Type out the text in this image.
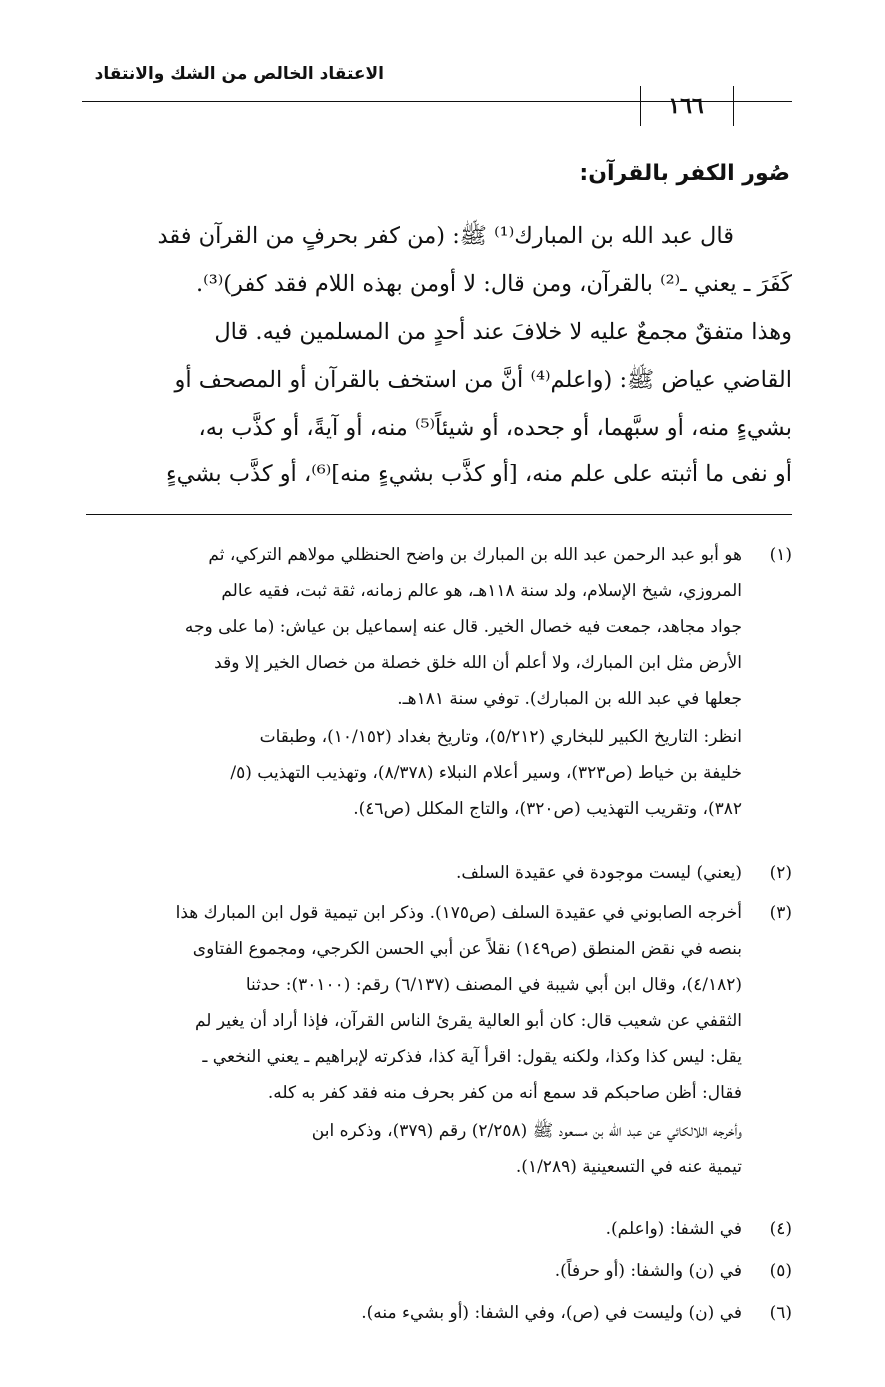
الاعتقاد الخالص من الشك والانتقاد
١٦٦
صُور الكفر بالقرآن:
قال عبد الله بن المبارك⁽¹⁾ ﷺ: (من كفر بحرفٍ من القرآن فقد
كَفَرَ ـ يعني ـ⁽²⁾ بالقرآن، ومن قال: لا أومن بهذه اللام فقد كفر)⁽³⁾.
وهذا متفقٌ مجمعٌ عليه لا خلافَ عند أحدٍ من المسلمين فيه. قال
القاضي عياض ﷺ: (واعلم⁽⁴⁾ أنَّ من استخف بالقرآن أو المصحف أو
بشيءٍ منه، أو سبَّهما، أو جحده، أو شيئاً⁽⁵⁾ منه، أو آيةً، أو كذَّب به،
أو نفى ما أثبته على علم منه، [أو كذَّب بشيءٍ منه]⁽⁶⁾، أو كذَّب بشيءٍ
(١)
هو أبو عبد الرحمن عبد الله بن المبارك بن واضح الحنظلي مولاهم التركي، ثم
المروزي، شيخ الإسلام، ولد سنة ١١٨هـ، هو عالم زمانه، ثقة ثبت، فقيه عالم
جواد مجاهد، جمعت فيه خصال الخير. قال عنه إسماعيل بن عياش: (ما على وجه
الأرض مثل ابن المبارك، ولا أعلم أن الله خلق خصلة من خصال الخير إلا وقد
جعلها في عبد الله بن المبارك). توفي سنة ١٨١هـ.
انظر: التاريخ الكبير للبخاري (٥/٢١٢)، وتاريخ بغداد (١٠/١٥٢)، وطبقات
خليفة بن خياط (ص٣٢٣)، وسير أعلام النبلاء (٨/٣٧٨)، وتهذيب التهذيب (٥/
٣٨٢)، وتقريب التهذيب (ص٣٢٠)، والتاج المكلل (ص٤٦).
(٢)
(يعني) ليست موجودة في عقيدة السلف.
(٣)
أخرجه الصابوني في عقيدة السلف (ص١٧٥). وذكر ابن تيمية قول ابن المبارك هذا
بنصه في نقض المنطق (ص١٤٩) نقلاً عن أبي الحسن الكرجي، ومجموع الفتاوى
(٤/١٨٢)، وقال ابن أبي شيبة في المصنف (٦/١٣٧) رقم: (٣٠١٠٠): حدثنا
الثقفي عن شعيب قال: كان أبو العالية يقرئ الناس القرآن، فإذا أراد أن يغير لم
يقل: ليس كذا وكذا، ولكنه يقول: اقرأ آية كذا، فذكرته لإبراهيم ـ يعني النخعي ـ
فقال: أظن صاحبكم قد سمع أنه من كفر بحرف منه فقد كفر به كله.
وأخرجه اللالكائي عن عبد الله بن مسعود ﷺ (٢/٢٥٨) رقم (٣٧٩)، وذكره ابن
تيمية عنه في التسعينية (١/٢٨٩).
(٤)
في الشفا: (واعلم).
(٥)
في (ن) والشفا: (أو حرفاً).
(٦)
في (ن) وليست في (ص)، وفي الشفا: (أو بشيء منه).
